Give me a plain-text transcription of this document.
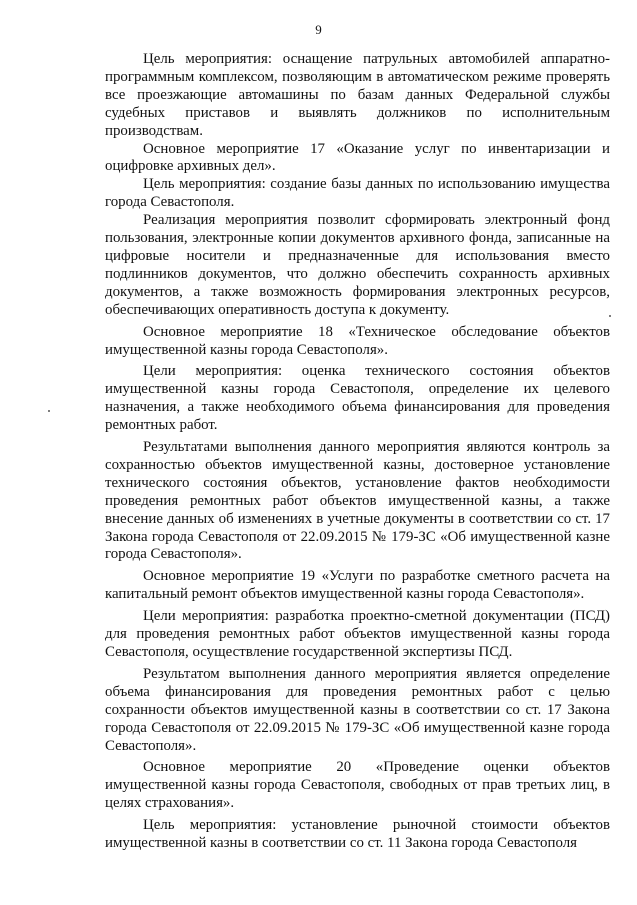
9

Цель мероприятия: оснащение патрульных автомобилей аппаратно-программным комплексом, позволяющим в автоматическом режиме проверять все проезжающие автомашины по базам данных Федеральной службы судебных приставов и выявлять должников по исполнительным производствам.

Основное мероприятие 17 «Оказание услуг по инвентаризации и оцифровке архивных дел».

Цель мероприятия: создание базы данных по использованию имущества города Севастополя.

Реализация мероприятия позволит сформировать электронный фонд пользования, электронные копии документов архивного фонда, записанные на цифровые носители и предназначенные для использования вместо подлинников документов, что должно обеспечить сохранность архивных документов, а также возможность формирования электронных ресурсов, обеспечивающих оперативность доступа к документу.

Основное мероприятие 18 «Техническое обследование объектов имущественной казны города Севастополя».

Цели мероприятия: оценка технического состояния объектов имущественной казны города Севастополя, определение их целевого назначения, а также необходимого объема финансирования для проведения ремонтных работ.

Результатами выполнения данного мероприятия являются контроль за сохранностью объектов имущественной казны, достоверное установление технического состояния объектов, установление фактов необходимости проведения ремонтных работ объектов имущественной казны, а также внесение данных об изменениях в учетные документы в соответствии со ст. 17 Закона города Севастополя от 22.09.2015 № 179-ЗС «Об имущественной казне города Севастополя».

Основное мероприятие 19 «Услуги по разработке сметного расчета на капитальный ремонт объектов имущественной казны города Севастополя».

Цели мероприятия: разработка проектно-сметной документации (ПСД) для проведения ремонтных работ объектов имущественной казны города Севастополя, осуществление государственной экспертизы ПСД.

Результатом выполнения данного мероприятия является определение объема финансирования для проведения ремонтных работ с целью сохранности объектов имущественной казны в соответствии со ст. 17 Закона города Севастополя от 22.09.2015 № 179-ЗС «Об имущественной казне города Севастополя».

Основное мероприятие 20 «Проведение оценки объектов имущественной казны города Севастополя, свободных от прав третьих лиц, в целях страхования».

Цель мероприятия: установление рыночной стоимости объектов имущественной казны в соответствии со ст. 11 Закона города Севастополя
